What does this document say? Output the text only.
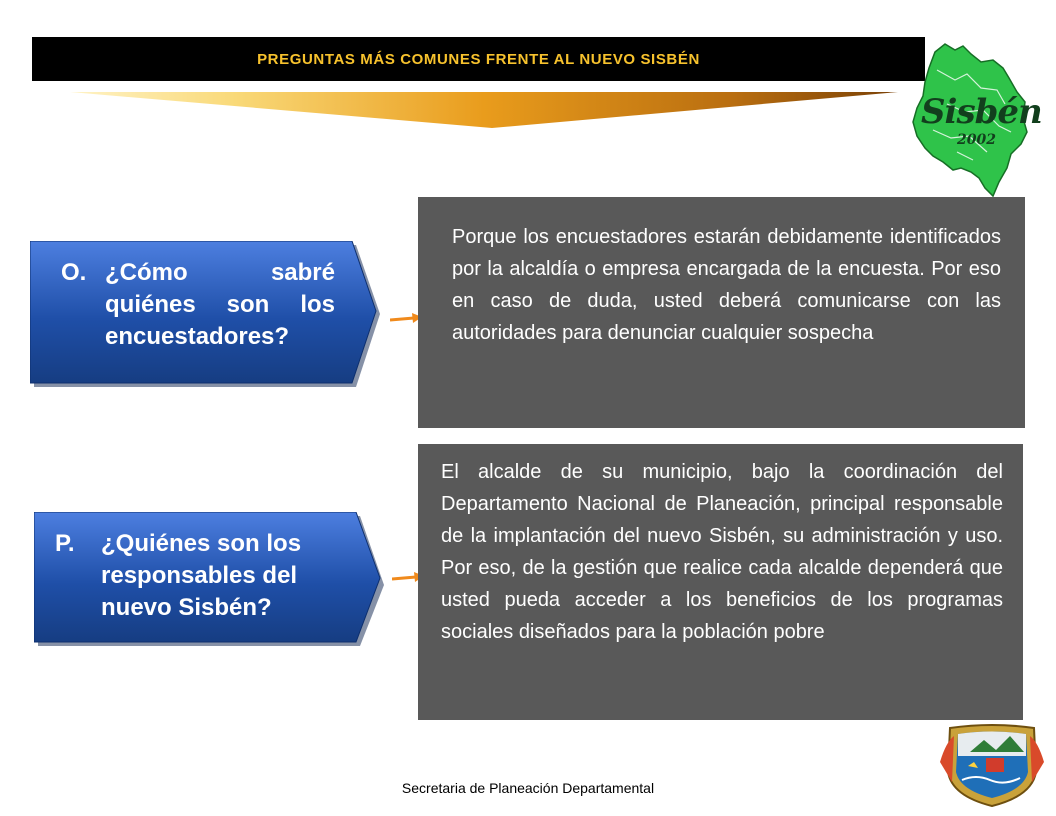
PREGUNTAS MÁS COMUNES FRENTE AL NUEVO SISBÉN
Sisbén
2002
O. ¿Cómo sabré quiénes son los encuestadores?
Porque los encuestadores estarán debidamente identificados por la alcaldía o empresa encargada de la encuesta. Por eso en caso de duda, usted deberá comunicarse con las autoridades para denunciar cualquier sospecha
P.	¿Quiénes son los responsables del nuevo Sisbén?
El alcalde de su municipio, bajo la coordinación del Departamento Nacional de Planeación, principal responsable de la implantación del nuevo Sisbén, su administración y uso. Por eso, de la gestión que realice cada alcalde dependerá que usted pueda acceder a los beneficios de los programas sociales diseñados para la población pobre
Secretaria de Planeación Departamental
